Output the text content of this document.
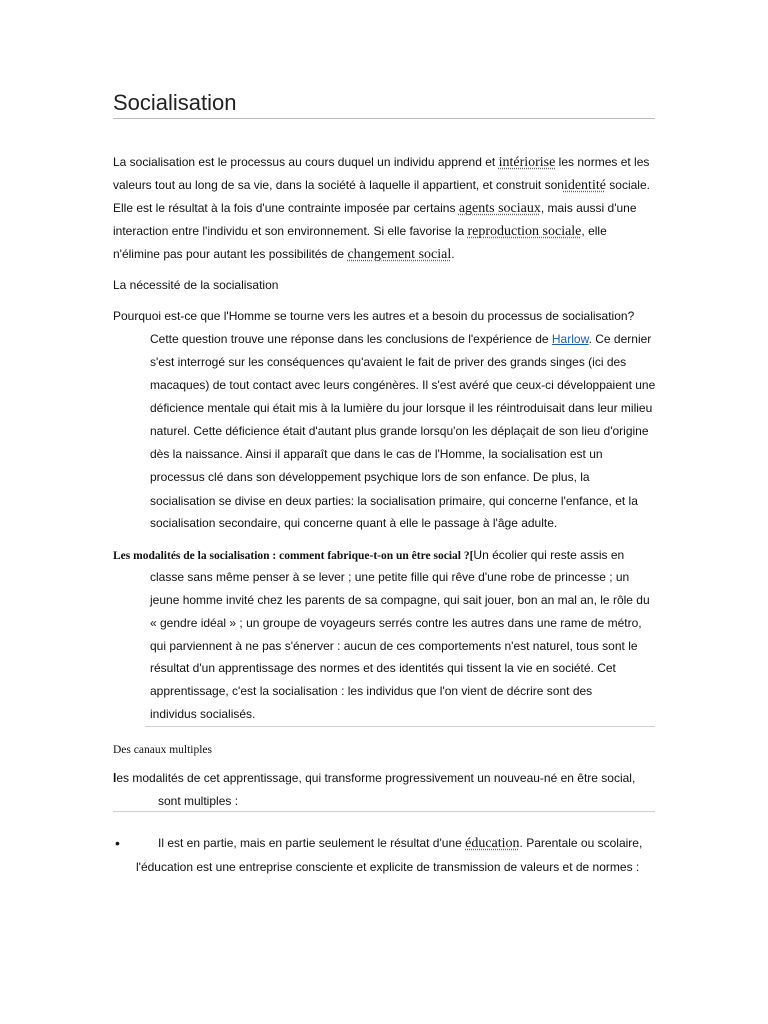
Socialisation
La socialisation est le processus au cours duquel un individu apprend et intériorise les normes et les
valeurs tout au long de sa vie, dans la société à laquelle il appartient, et construit sonidentité sociale.
Elle est le résultat à la fois d'une contrainte imposée par certains agents sociaux, mais aussi d'une
interaction entre l'individu et son environnement. Si elle favorise la reproduction sociale, elle
n'élimine pas pour autant les possibilités de changement social.
La nécessité de la socialisation
Pourquoi est-ce que l'Homme se tourne vers les autres et a besoin du processus de socialisation?
Cette question trouve une réponse dans les conclusions de l'expérience de Harlow. Ce dernier
s'est interrogé sur les conséquences qu'avaient le fait de priver des grands singes (ici des
macaques) de tout contact avec leurs congénères. Il s'est avéré que ceux-ci développaient une
déficience mentale qui était mis à la lumière du jour lorsque il les réintroduisait dans leur milieu
naturel. Cette déficience était d'autant plus grande lorsqu'on les déplaçait de son lieu d'origine
dès la naissance. Ainsi il apparaît que dans le cas de l'Homme, la socialisation est un
processus clé dans son développement psychique lors de son enfance. De plus, la
socialisation se divise en deux parties: la socialisation primaire, qui concerne l'enfance, et la
socialisation secondaire, qui concerne quant à elle le passage à l'âge adulte.
Les modalités de la socialisation : comment fabrique-t-on un être social ?[Un écolier qui reste assis en
classe sans même penser à se lever ; une petite fille qui rêve d'une robe de princesse ; un
jeune homme invité chez les parents de sa compagne, qui sait jouer, bon an mal an, le rôle du
« gendre idéal » ; un groupe de voyageurs serrés contre les autres dans une rame de métro,
qui parviennent à ne pas s'énerver : aucun de ces comportements n'est naturel, tous sont le
résultat d'un apprentissage des normes et des identités qui tissent la vie en société. Cet
apprentissage, c'est la socialisation : les individus que l'on vient de décrire sont des
individus socialisés.
Des canaux multiples
les modalités de cet apprentissage, qui transforme progressivement un nouveau-né en être social,
sont multiples :
•	Il est en partie, mais en partie seulement le résultat d'une éducation. Parentale ou scolaire,
l'éducation est une entreprise consciente et explicite de transmission de valeurs et de normes :
